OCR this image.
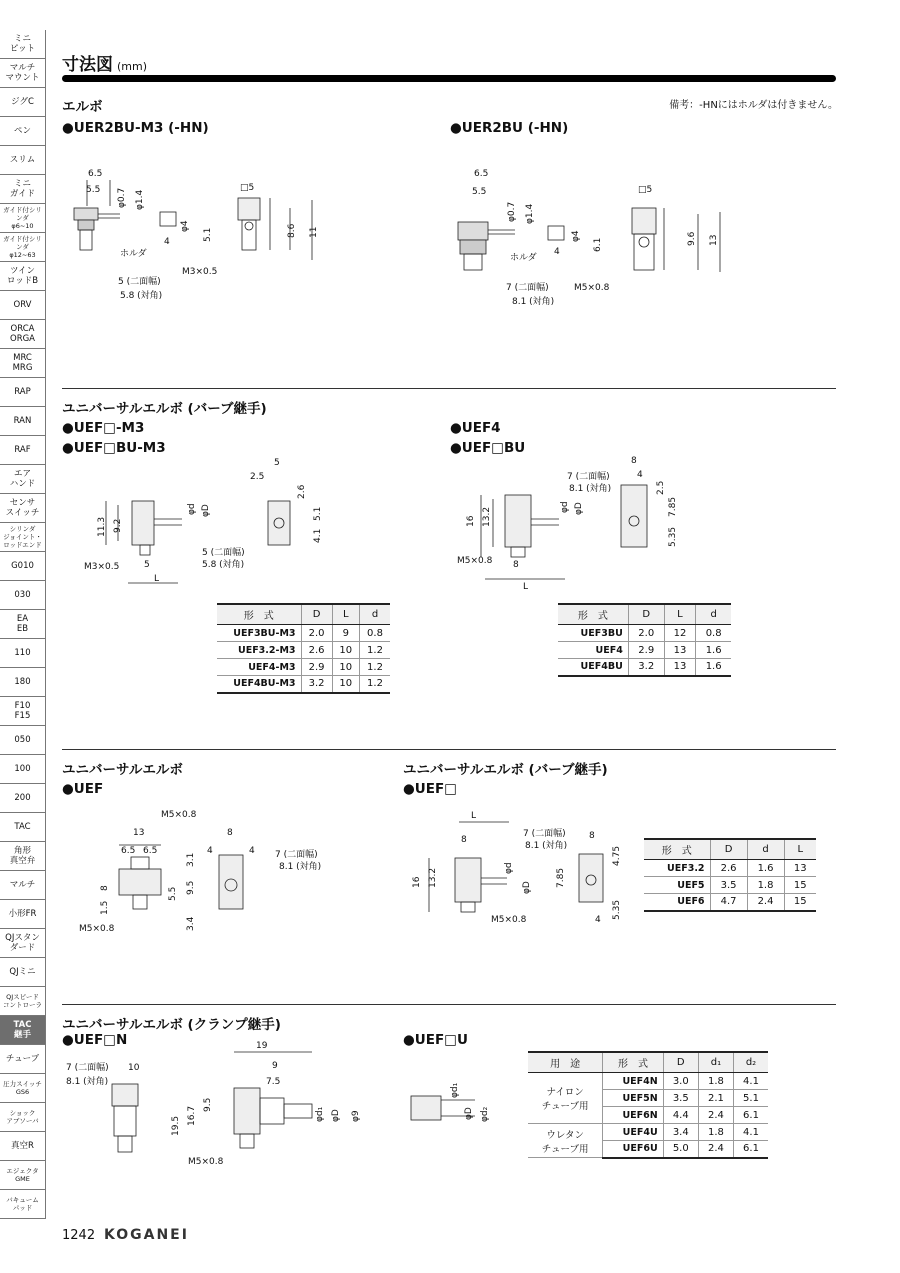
ミニ
ピット
マルチ
マウント
ジグC
ペン
スリム
ミニ
ガイド
ガイド付シリンダ
φ6~10
ガイド付シリンダ
φ12~63
ツイン
ロッドB
ORV
ORCA
ORGA
MRC
MRG
RAP
RAN
RAF
エア
ハンド
センサ
スイッチ
シリンダ
ジョイント・
ロッドエンド
G010
030
EA
EB
110
180
F10
F15
050
100
200
TAC
角形
真空弁
マルチ
小形FR
QJスタン
ダード
QJミニ
QJスピード
コントローラ
TAC
継手
チューブ
圧力スイッチ
GS6
ショック
アブソーバ
真空R
エジェクタ
GME
バキューム
パッド
寸法図 (mm)
備考：-HNにはホルダは付きません。
エルボ
●UER2BU-M3 (-HN)	●UER2BU (-HN)
6.5
5.5 φ0.7 φ1.4
□5
φ4
5.1	8.6 11
4
ホルダ
M3×0.5
5 (二面幅)
5.8 (対角)
6.5
5.5
φ0.7 φ1.4
□5
φ4
6.1	9.6 13
4
ホルダ
M5×0.8
7 (二面幅)
8.1 (対角)
ユニバーサルエルボ (バーブ継手)
●UEF□-M3
●UEF□BU-M3
●UEF4
●UEF□BU
5
2.5
2.6
5.1
4.1
11.3 9.2
φd φD
M3×0.5	5
L
5 (二面幅)
5.8 (対角)
8
4
2.5
7 (二面幅)
8.1 (対角)
7.85
5.35
16 13.2	φd φD
M5×0.8 8
L
形　式	D	L	d
UEF3BU-M3	2.0	9	0.8
UEF3.2-M3	2.6	10	1.2
UEF4-M3	2.9	10	1.2
UEF4BU-M3	3.2	10	1.2
形　式	D	L	d
UEF3BU	2.0	12	0.8
UEF4	2.9	13	1.6
UEF4BU	3.2	13	1.6
ユニバーサルエルボ
●UEF
ユニバーサルエルボ (バーブ継手)
●UEF□
M5×0.8
13
6.5 6.5
8
4	4
3.1
5.5 9.5
8
1.5
3.4
7 (二面幅)
8.1 (対角)
M5×0.8
L
8
7 (二面幅)
8.1 (対角)
8
4.75
7.85
5.35
4
16 13.2	φd
φD
M5×0.8
形　式	D	d	L
UEF3.2	2.6	1.6	13
UEF5	3.5	1.8	15
UEF6	4.7	2.4	15
ユニバーサルエルボ (クランプ継手)
●UEF□N	●UEF□U
7 (二面幅)
8.1 (対角)
10
19
9
7.5
19.5 16.7
9.5
φd₁ φD φ9
M5×0.8
φd₁
φD φd₂
用　途	形　式	D	d₁	d₂
ナイロン
チューブ用	UEF4N	3.0	1.8	4.1
	UEF5N	3.5	2.1	5.1
	UEF6N	4.4	2.4	6.1
ウレタン
チューブ用	UEF4U	3.4	1.8	4.1
	UEF6U	5.0	2.4	6.1
1242 KOGANEI
